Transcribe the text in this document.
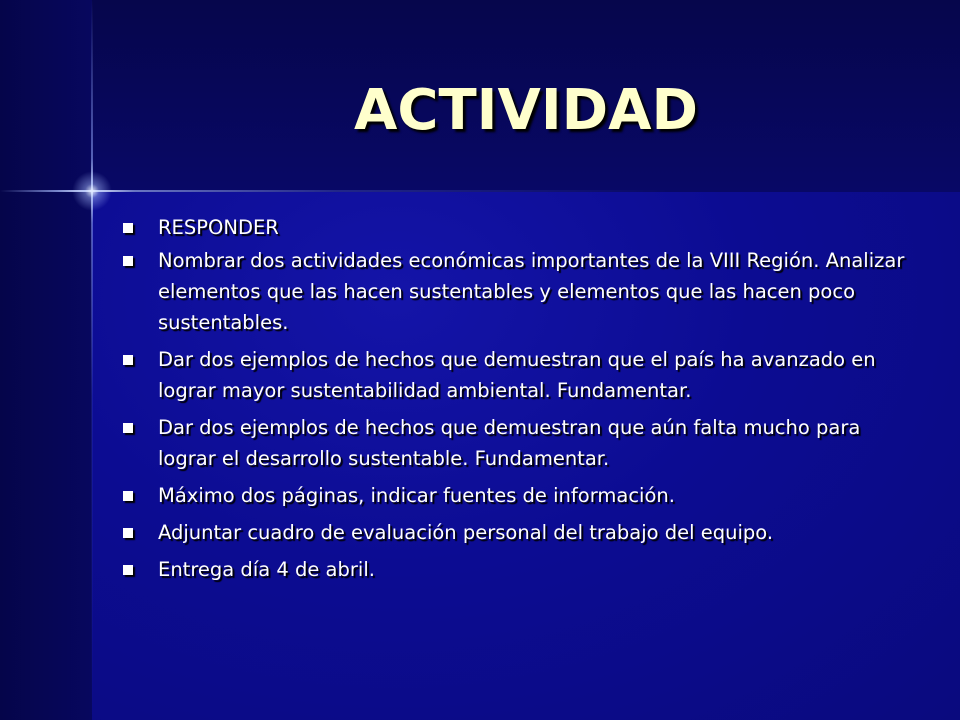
ACTIVIDAD
RESPONDER
Nombrar dos actividades económicas importantes de la VIII Región. Analizar elementos que las hacen sustentables y elementos que las hacen poco sustentables.
Dar dos ejemplos de hechos que demuestran que el país ha avanzado en lograr mayor sustentabilidad ambiental. Fundamentar.
Dar dos ejemplos de hechos que demuestran que aún falta mucho para lograr el desarrollo sustentable. Fundamentar.
Máximo dos páginas, indicar fuentes de información.
Adjuntar cuadro de evaluación personal del trabajo del equipo.
Entrega día 4 de abril.
